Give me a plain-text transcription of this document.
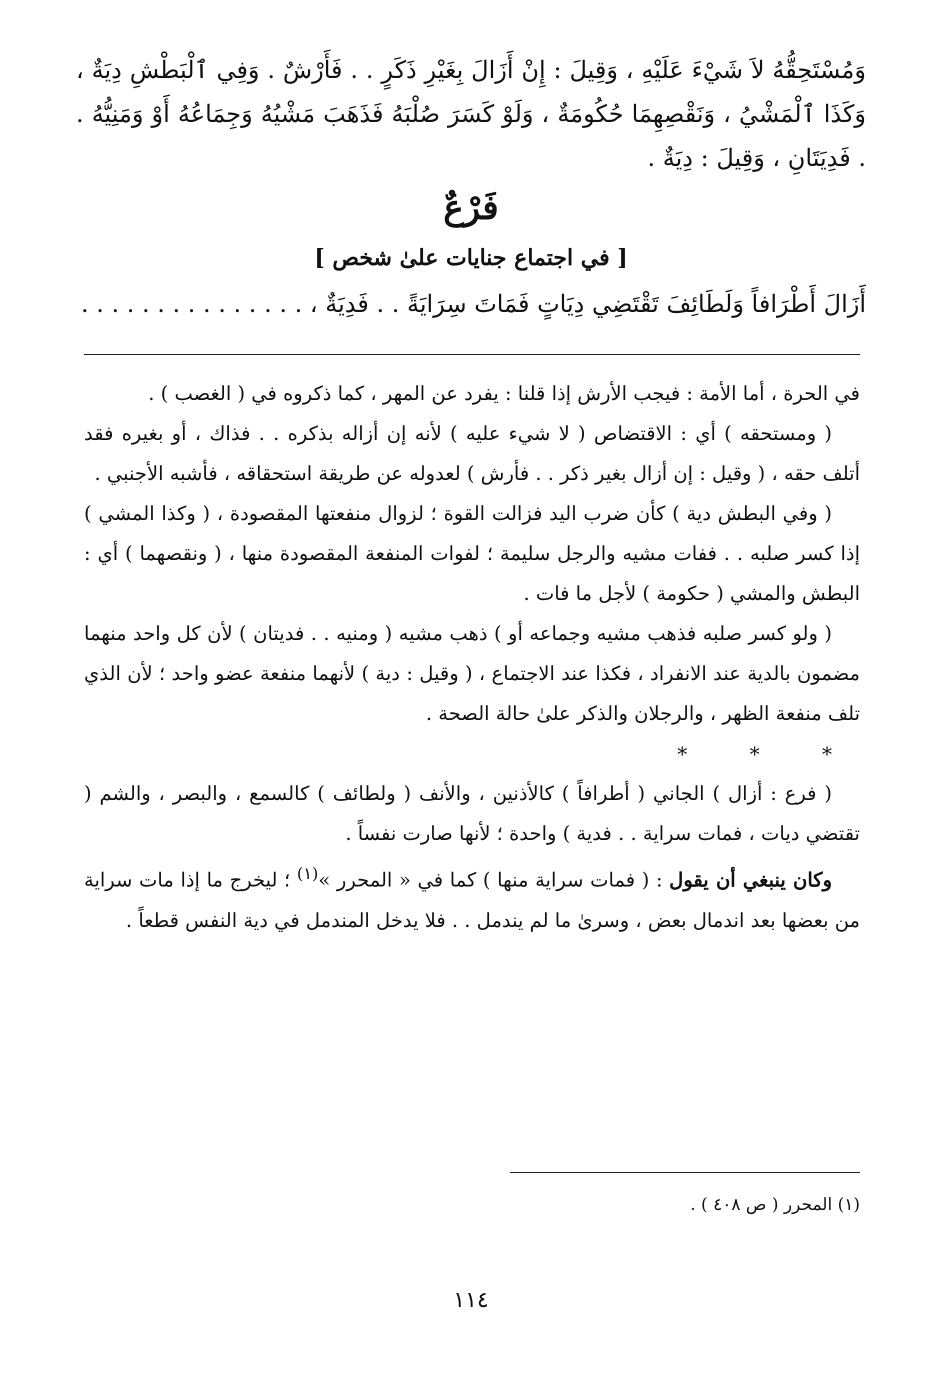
وَمُسْتَحِقُّهُ لاَ شَيْءَ عَلَيْهِ ، وَقِيلَ : إِنْ أَزَالَ بِغَيْرِ ذَكَرٍ . . فَأَرْشٌ . وَفِي ٱلْبَطْشِ دِيَةٌ ، وَكَذَا ٱلْمَشْيُ ، وَنَقْصِهِمَا حُكُومَةٌ ، وَلَوْ كَسَرَ صُلْبَهُ فَذَهَبَ مَشْيُهُ وَجِمَاعُهُ أَوْ وَمَنِيُّهُ . . فَدِيَتَانِ ، وَقِيلَ : دِيَةٌ .
فَرْعٌ
[ في اجتماع جنايات علىٰ شخص ]
أَزَالَ أَطْرَافاً وَلَطَائِفَ تَقْتَضِي دِيَاتٍ فَمَاتَ سِرَايَةً . . فَدِيَةٌ ، . . . . . . . . . . . . . . .

في الحرة ، أما الأمة : فيجب الأرش إذا قلنا : يفرد عن المهر ، كما ذكروه في ( الغصب ) .

( ومستحقه ) أي : الاقتضاص ( لا شيء عليه ) لأنه إن أزاله بذكره . . فذاك ، أو بغيره فقد أتلف حقه ، ( وقيل : إن أزال بغير ذكر . . فأرش ) لعدوله عن طريقة استحقاقه ، فأشبه الأجنبي .

( وفي البطش دية ) كأن ضرب اليد فزالت القوة ؛ لزوال منفعتها المقصودة ، ( وكذا المشي ) إذا كسر صلبه . . ففات مشيه والرجل سليمة ؛ لفوات المنفعة المقصودة منها ، ( ونقصهما ) أي : البطش والمشي ( حكومة ) لأجل ما فات .

( ولو كسر صلبه فذهب مشيه وجماعه أو ) ذهب مشيه ( ومنيه . . فديتان ) لأن كل واحد منهما مضمون بالدية عند الانفراد ، فكذا عند الاجتماع ، ( وقيل : دية ) لأنهما منفعة عضو واحد ؛ لأن الذي تلف منفعة الظهر ، والرجلان والذكر علىٰ حالة الصحة .

* * *

( فرع : أزال ) الجاني ( أطرافاً ) كالأذنين ، والأنف ( ولطائف ) كالسمع ، والبصر ، والشم ( تقتضي ديات ، فمات سراية . . فدية ) واحدة ؛ لأنها صارت نفساً .

وكان ينبغي أن يقول : ( فمات سراية منها ) كما في « المحرر »$^{(١)}$ ؛ ليخرج ما إذا مات سراية من بعضها بعد اندمال بعض ، وسرىٰ ما لم يندمل . . فلا يدخل المندمل في دية النفس قطعاً .

(١) المحرر ( ص ٤٠٨ ) .
١١٤
